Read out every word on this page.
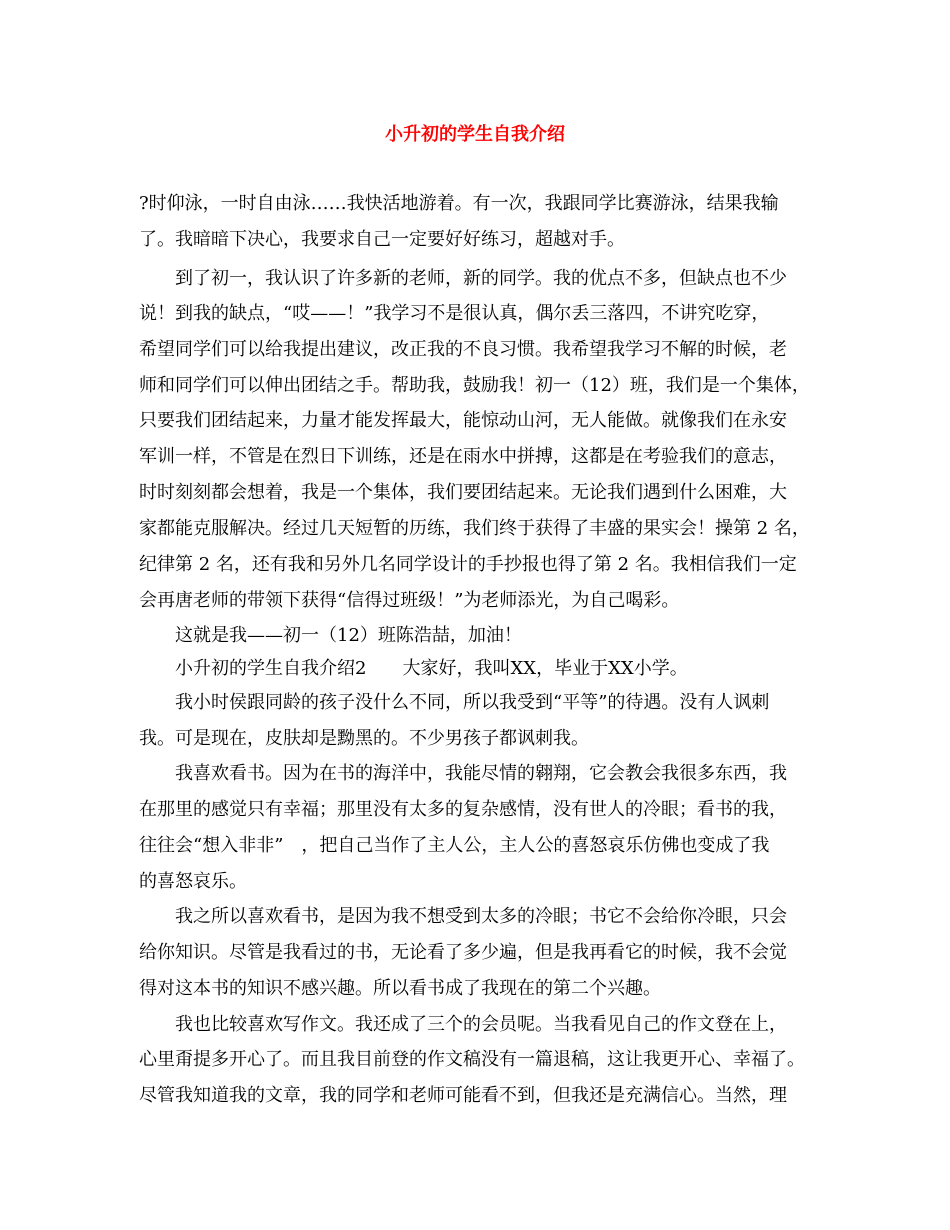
小升初的学生自我介绍

?时仰泳，一时自由泳……我快活地游着。有一次，我跟同学比赛游泳，结果我输

了。我暗暗下决心，我要求自己一定要好好练习，超越对手。

到了初一，我认识了许多新的老师，新的同学。我的优点不多，但缺点也不少

说！到我的缺点，“哎——！”我学习不是很认真，偶尔丢三落四，不讲究吃穿，

希望同学们可以给我提出建议，改正我的不良习惯。我希望我学习不解的时候，老

师和同学们可以伸出团结之手。帮助我，鼓励我！初一（12）班，我们是一个集体，

只要我们团结起来，力量才能发挥最大，能惊动山河，无人能做。就像我们在永安

军训一样，不管是在烈日下训练，还是在雨水中拼搏，这都是在考验我们的意志，

时时刻刻都会想着，我是一个集体，我们要团结起来。无论我们遇到什么困难，大

家都能克服解决。经过几天短暂的历练，我们终于获得了丰盛的果实会！操第 2 名，

纪律第 2 名，还有我和另外几名同学设计的手抄报也得了第 2 名。我相信我们一定

会再唐老师的带领下获得“信得过班级！”为老师添光，为自己喝彩。

这就是我——初一（12）班陈浩喆，加油！

小升初的学生自我介绍2　　大家好，我叫XX，毕业于XX小学。

我小时侯跟同龄的孩子没什么不同，所以我受到“平等”的待遇。没有人讽刺

我。可是现在，皮肤却是黝黑的。不少男孩子都讽刺我。

我喜欢看书。因为在书的海洋中，我能尽情的翱翔，它会教会我很多东西，我

在那里的感觉只有幸福；那里没有太多的复杂感情，没有世人的冷眼；看书的我，

往往会“想入非非”　，把自己当作了主人公，主人公的喜怒哀乐仿佛也变成了我

的喜怒哀乐。

我之所以喜欢看书，是因为我不想受到太多的冷眼；书它不会给你冷眼，只会

给你知识。尽管是我看过的书，无论看了多少遍，但是我再看它的时候，我不会觉

得对这本书的知识不感兴趣。所以看书成了我现在的第二个兴趣。

我也比较喜欢写作文。我还成了三个的会员呢。当我看见自己的作文登在上，

心里甭提多开心了。而且我目前登的作文稿没有一篇退稿，这让我更开心、幸福了。

尽管我知道我的文章，我的同学和老师可能看不到，但我还是充满信心。当然，理
